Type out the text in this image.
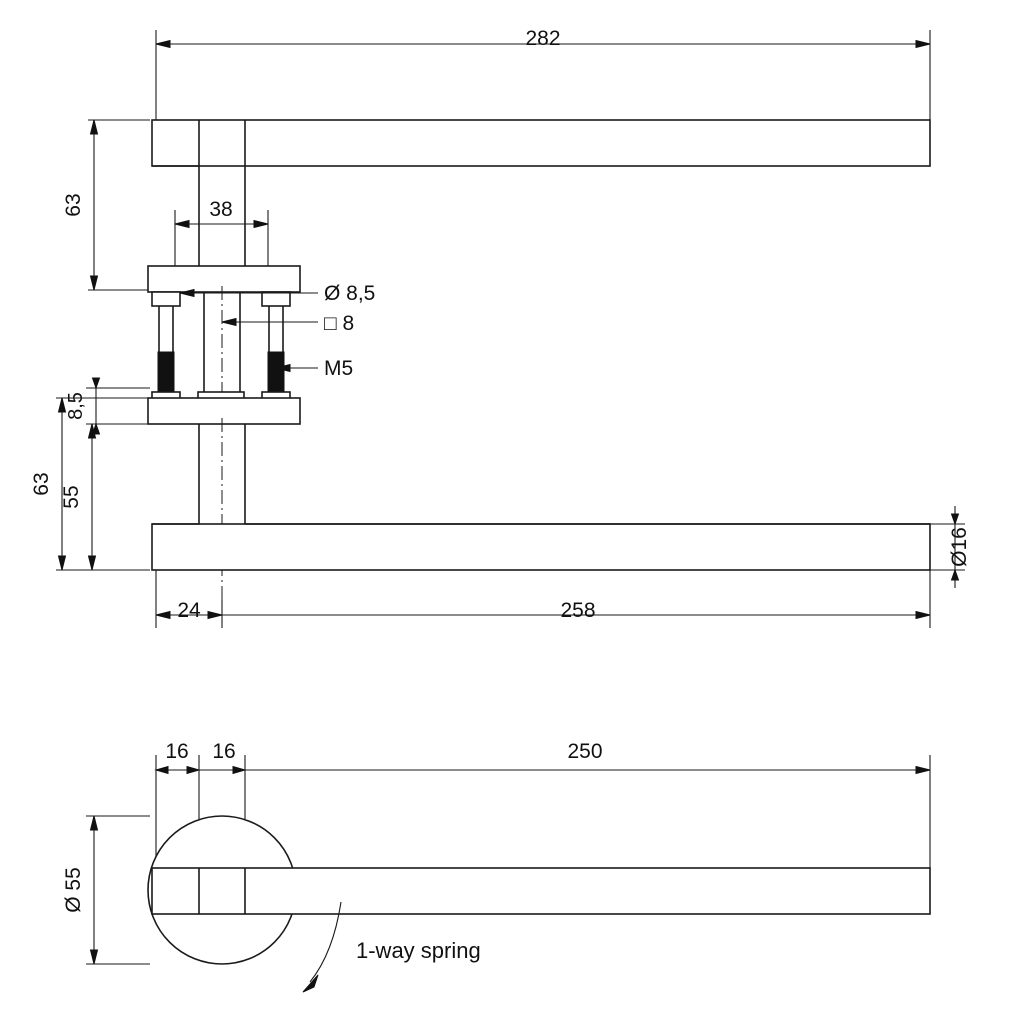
282
63	38
Ø 8,5
□ 8
M5
8,5
63
55
Ø16
24	258
16 16	250
Ø 55
1-way spring
